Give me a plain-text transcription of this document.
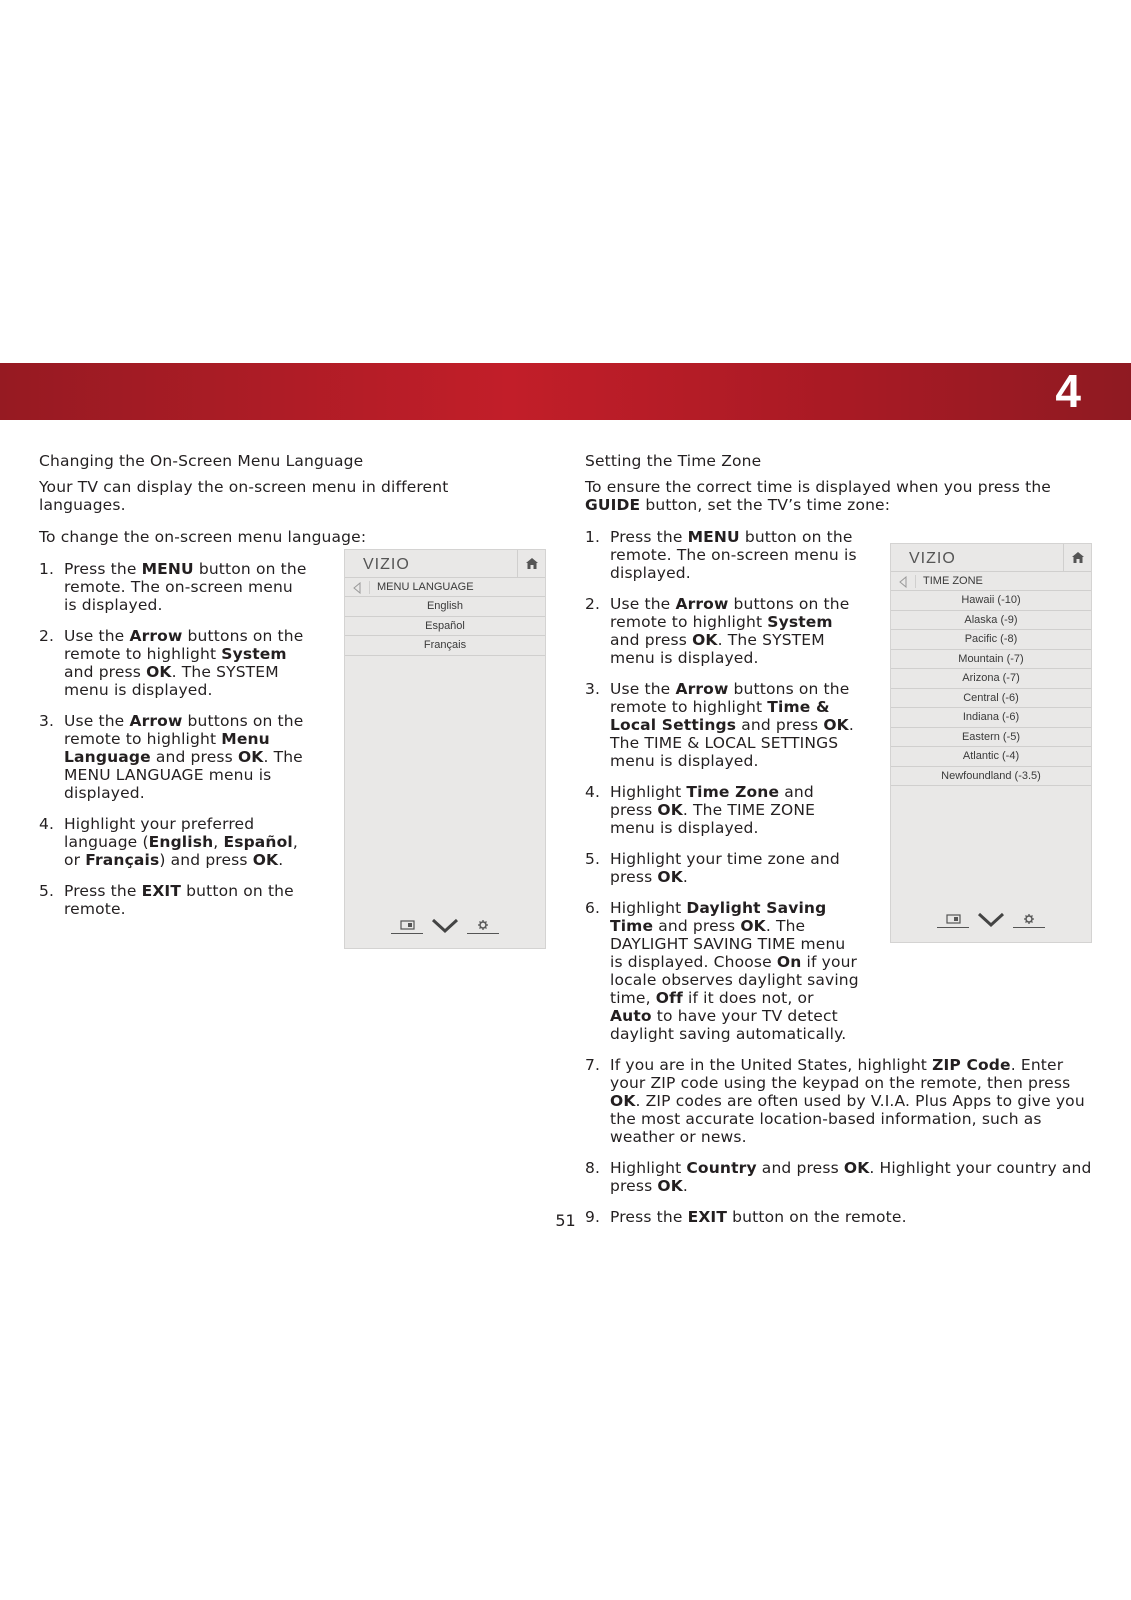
4
Changing the On-Screen Menu Language
Your TV can display the on-screen menu in different languages.
To change the on-screen menu language:
1. Press the MENU button on the remote. The on-screen menu is displayed.
2. Use the Arrow buttons on the remote to highlight System and press OK. The SYSTEM menu is displayed.
3. Use the Arrow buttons on the remote to highlight Menu Language and press OK. The MENU LANGUAGE menu is displayed.
4. Highlight your preferred language (English, Español, or Français) and press OK.
5. Press the EXIT button on the remote.
VIZIO
MENU LANGUAGE
English
Español
Français
Setting the Time Zone
To ensure the correct time is displayed when you press the GUIDE button, set the TV’s time zone:
1. Press the MENU button on the remote. The on-screen menu is displayed.
2. Use the Arrow buttons on the remote to highlight System and press OK. The SYSTEM menu is displayed.
3. Use the Arrow buttons on the remote to highlight Time & Local Settings and press OK. The TIME & LOCAL SETTINGS menu is displayed.
4. Highlight Time Zone and press OK. The TIME ZONE menu is displayed.
5. Highlight your time zone and press OK.
6. Highlight Daylight Saving Time and press OK. The DAYLIGHT SAVING TIME menu is displayed. Choose On if your locale observes daylight saving time, Off if it does not, or Auto to have your TV detect daylight saving automatically.
7. If you are in the United States, highlight ZIP Code. Enter your ZIP code using the keypad on the remote, then press OK. ZIP codes are often used by V.I.A. Plus Apps to give you the most accurate location-based information, such as weather or news.
8. Highlight Country and press OK. Highlight your country and press OK.
9. Press the EXIT button on the remote.
VIZIO
TIME ZONE
Hawaii (-10)
Alaska (-9)
Pacific (-8)
Mountain (-7)
Arizona (-7)
Central (-6)
Indiana (-6)
Eastern (-5)
Atlantic (-4)
Newfoundland (-3.5)
51
